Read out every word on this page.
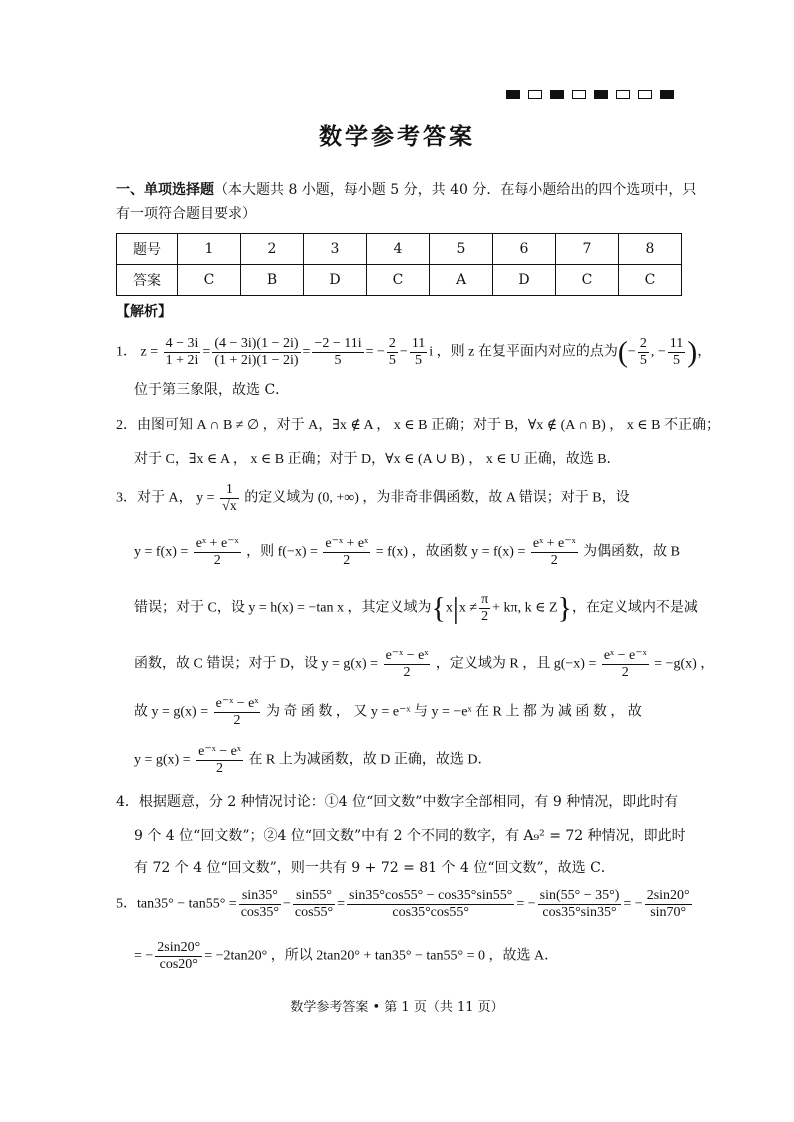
数学参考答案
一、单项选择题（本大题共 8 小题，每小题 5 分，共 40 分．在每小题给出的四个选项中，只
有一项符合题目要求）
题号	1	2	3	4	5	6	7	8
答案	C	B	D	C	A	D	C	C
【解析】
1． $z = \frac{4 - 3i}{1 + 2i} = \frac{(4 - 3i)(1 - 2i)}{(1 + 2i)(1 - 2i)} = \frac{-2 - 11i}{5}$ = − $\frac{2}{5} - \frac{11}{5}$ i ，则 z 在复平面内对应的点为(− $\frac{2}{5}$ , − $\frac{11}{5}$ )，
位于第三象限，故选 C．
2．由图可知 A ∩ B ≠ ∅ ，对于 A，∃x ∉ A ， x ∈ B 正确；对于 B，∀x ∉ (A ∩ B) ， x ∈ B 不正确；
对于 C，∃x ∈ A ， x ∈ B 正确；对于 D，∀x ∈ (A ∪ B) ， x ∈ U 正确，故选 B．
3．对于 A， $y = \frac{1}{√x}$ 的定义域为 (0, +∞) ，为非奇非偶函数，故 A 错误；对于 B，设
$y = f(x) = \frac{\text{eˣ + e⁻ˣ}}{2}$ ，则 $f(-x) = \frac{\text{e⁻ˣ + eˣ}}{2} = f(x)$ ，故函数 $y = f(x) = \frac{\text{eˣ + e⁻ˣ}}{2}$ 为偶函数，故 B
错误；对于 C，设 y = h(x) = −tan x ，其定义域为{$x|x \ne \frac{\pi}{2} + k\pi$, k ∈ Z}，在定义域内不是减
函数，故 C 错误；对于 D，设 $y = g(x) = \frac{\text{e⁻ˣ − eˣ}}{2}$ ，定义域为 R ，且 $g(-x) = \frac{\text{eˣ − e⁻ˣ}}{2} = -g(x)$ ，
故 $y = g(x) = \frac{\text{e⁻ˣ − eˣ}}{2}$ 为 奇 函 数 ， 又 y = e⁻ˣ 与 y = −eˣ 在 R 上 都 为 减 函 数 ， 故
$y = g(x) = \frac{\text{e⁻ˣ − eˣ}}{2}$ 在 R 上为减函数，故 D 正确，故选 D．
4．根据题意，分 2 种情况讨论：①4 位“回文数”中数字全部相同，有 9 种情况，即此时有
9 个 4 位“回文数”；②4 位“回文数”中有 2 个不同的数字，有 A₉² = 72 种情况，即此时
有 72 个 4 位“回文数”，则一共有 9 + 72 = 81 个 4 位“回文数”，故选 C．
5．$\tan 35^\circ - \tan 55^\circ = \frac{\sin 35^\circ}{\cos 35^\circ} - \frac{\sin 55^\circ}{\cos 55^\circ} = \frac{\sin 35^\circ\cos 55^\circ - \cos 35^\circ\sin 55^\circ}{\cos 35^\circ\cos 55^\circ}$ = − $\frac{\sin(55^\circ - 35^\circ)}{\cos 35^\circ\sin 35^\circ}$ = − $\frac{2\sin 20^\circ}{\sin 70^\circ}$
= − $\frac{2\sin 20^\circ}{\cos 20^\circ} = -2\tan 20^\circ$ ，所以 2tan20° + tan35° − tan55° = 0 ，故选 A．
数学参考答案 • 第 1 页（共 11 页）
